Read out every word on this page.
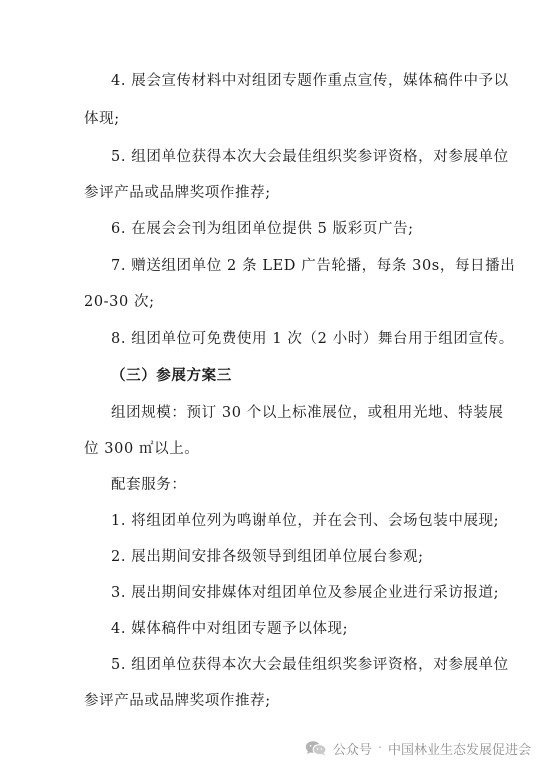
4. 展会宣传材料中对组团专题作重点宣传，媒体稿件中予以
体现;
5. 组团单位获得本次大会最佳组织奖参评资格，对参展单位
参评产品或品牌奖项作推荐;
6. 在展会会刊为组团单位提供 5 版彩页广告;
7. 赠送组团单位 2 条 LED 广告轮播，每条 30s，每日播出
20-30 次;
8. 组团单位可免费使用 1 次（2 小时）舞台用于组团宣传。
（三）参展方案三
组团规模：预订 30 个以上标准展位，或租用光地、特装展
位 300 ㎡以上。
配套服务：
1. 将组团单位列为鸣谢单位，并在会刊、会场包装中展现;
2. 展出期间安排各级领导到组团单位展台参观;
3. 展出期间安排媒体对组团单位及参展企业进行采访报道;
4. 媒体稿件中对组团专题予以体现;
5. 组团单位获得本次大会最佳组织奖参评资格，对参展单位
参评产品或品牌奖项作推荐;
公众号 · 中国林业生态发展促进会
